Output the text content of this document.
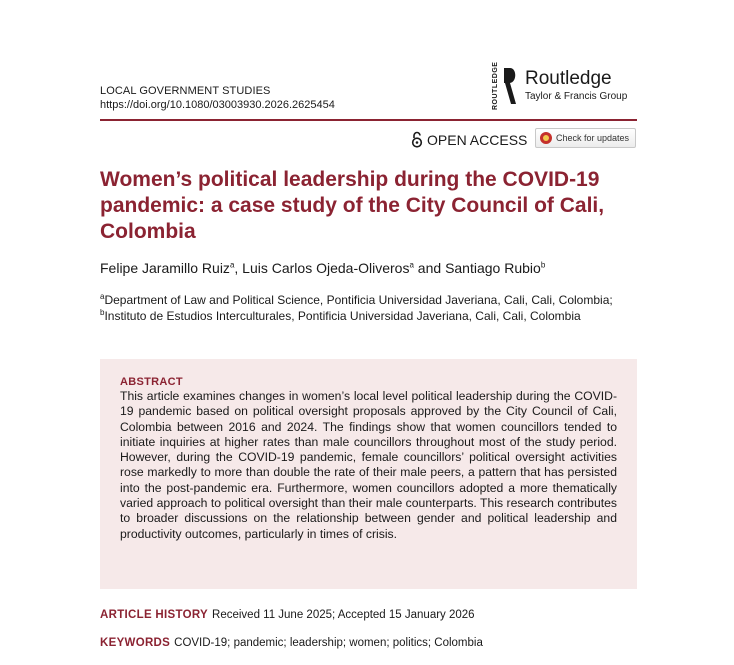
LOCAL GOVERNMENT STUDIES
https://doi.org/10.1080/03003930.2026.2625454	ROUTLEDGE Routledge
Taylor & Francis Group
OPEN ACCESS	Check for updates
Women’s political leadership during the COVID-19 pandemic: a case study of the City Council of Cali, Colombia
Felipe Jaramillo Ruiz$^a$, Luis Carlos Ojeda-Oliveros$^a$ and Santiago Rubio$^b$
$^a$Department of Law and Political Science, Pontificia Universidad Javeriana, Cali, Cali, Colombia; $^b$Instituto de Estudios Interculturales, Pontificia Universidad Javeriana, Cali, Cali, Colombia
ABSTRACT
This article examines changes in women’s local level political leadership during the COVID-19 pandemic based on political oversight proposals approved by the City Council of Cali, Colombia between 2016 and 2024. The findings show that women councillors tended to initiate inquiries at higher rates than male councillors throughout most of the study period. However, during the COVID-19 pandemic, female councillors’ political oversight activities rose markedly to more than double the rate of their male peers, a pattern that has persisted into the post-pandemic era. Furthermore, women councillors adopted a more thematically varied approach to political oversight than their male counterparts. This research contributes to broader discussions on the relationship between gender and political leadership and productivity outcomes, particularly in times of crisis.
ARTICLE HISTORY Received 11 June 2025; Accepted 15 January 2026
KEYWORDS COVID-19; pandemic; leadership; women; politics; Colombia
